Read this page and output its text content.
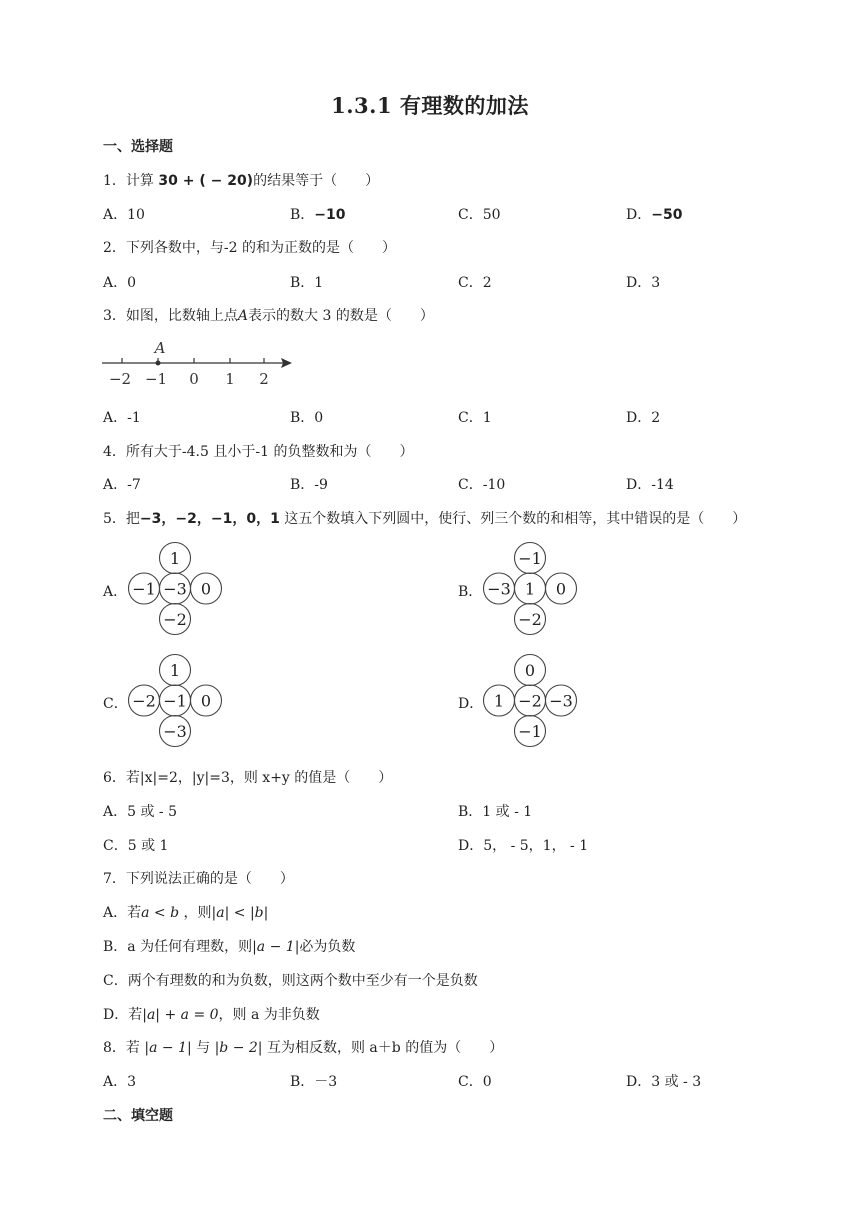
1.3.1 有理数的加法
一、选择题
1．计算 30 + ( − 20)的结果等于（　　）
A．10	B．−10	C．50	D．−50
2．下列各数中，与-2 的和为正数的是（　　）
A．0	B．1	C．2	D．3
3．如图，比数轴上点A表示的数大 3 的数是（　　）
A
−2 −1 0 1 2
A．-1	B．0	C．1	D．2
4．所有大于-4.5 且小于-1 的负整数和为（　　）
A．-7	B．-9	C．-10	D．-14
5．把−3，−2，−1，0，1 这五个数填入下列圆中，使行、列三个数的和相等，其中错误的是（　　）
A．
1
−1 −3 0
−2
B．
−1
−3 1 0
−2
C．
1
−2 −1 0
−3
D．
0
1 −2 −3
−1
6．若|x|=2，|y|=3，则 x+y 的值是（　　）
A．5 或 - 5	B．1 或 - 1
C．5 或 1	D．5， - 5，1， - 1
7．下列说法正确的是（　　）
A．若a < b ，则|a| < |b|
B．a 为任何有理数，则|a − 1|必为负数
C．两个有理数的和为负数，则这两个数中至少有一个是负数
D．若|a| + a = 0，则 a 为非负数
8．若 |a − 1| 与 |b − 2| 互为相反数，则 a＋b 的值为（　　）
A．3	B．－3	C．0	D．3 或 - 3
二、填空题
